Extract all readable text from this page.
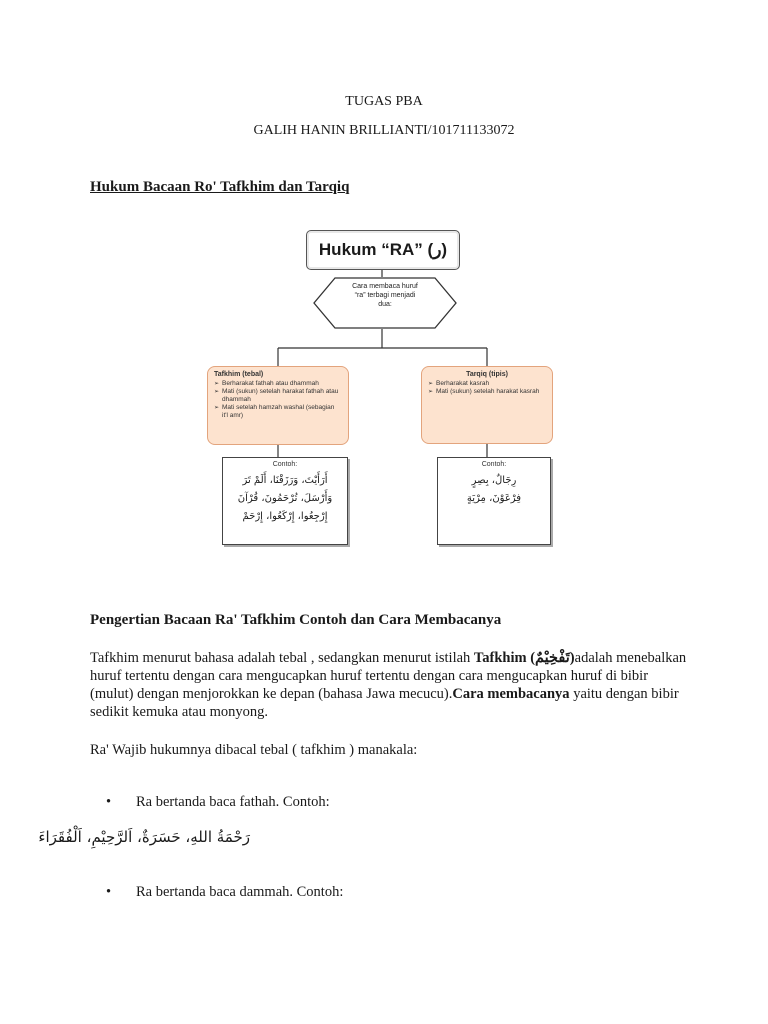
TUGAS PBA
GALIH HANIN BRILLIANTI/101711133072
Hukum Bacaan Ro' Tafkhim dan Tarqiq
Hukum “RA” (ر)
Cara membaca huruf
“ra” terbagi menjadi
dua:
Tafkhim (tebal)
➢ Berharakat fathah atau dhammah
➢ Mati (sukun) setelah harakat fathah atau dhammah
➢ Mati setelah hamzah washal (sebagian it'l amr)
Tarqiq (tipis)
➢ Berharakat kasrah
➢ Mati (sukun) setelah harakat kasrah
Contoh:
أَرَأَيْتَ، وَرَزَقْنَا، أَلَمْ تَرَ
وَأَرْسَلَ، تُرْحَمُونَ، قُرْآنَ
إِرْجِعُوا، إِرْكَعُوا، إِرْحَمْ
Contoh:
رِجَالٌ، بِصِرٍ
فِرْعَوْنَ، مِرْيَةٍ
Pengertian Bacaan Ra' Tafkhim Contoh dan Cara Membacanya
Tafkhim menurut bahasa adalah tebal , sedangkan menurut istilah Tafkhim (تَفْخِيْمٌ)adalah menebalkan huruf tertentu dengan cara mengucapkan huruf tertentu dengan cara mengucapkan huruf di bibir (mulut) dengan menjorokkan ke depan (bahasa Jawa mecucu).Cara membacanya yaitu dengan bibir sedikit kemuka atau monyong.
Ra' Wajib hukumnya dibacal tebal ( tafkhim ) manakala:
• Ra bertanda baca fathah. Contoh:
رَحْمَةُ اللهِ، حَسَرَةٌ، اَلرَّحِيْمِ، اَلْفُقَرَاءَ
• Ra bertanda baca dammah. Contoh:
